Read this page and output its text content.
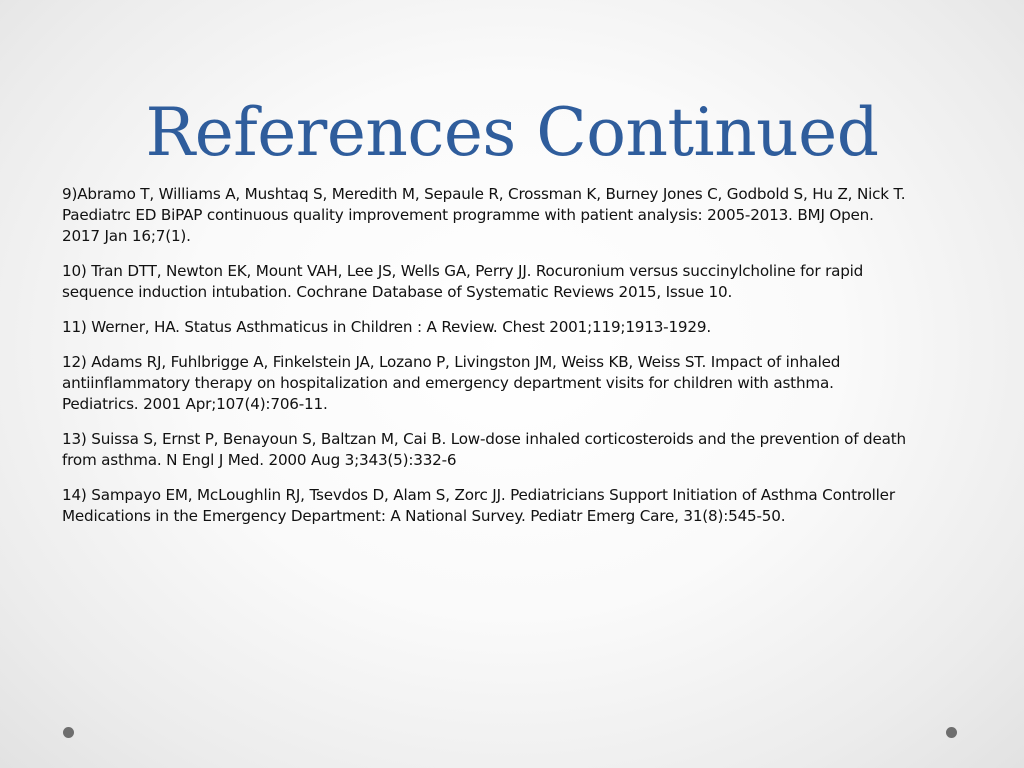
References Continued
9)Abramo T, Williams A, Mushtaq S, Meredith M, Sepaule R, Crossman K, Burney Jones C, Godbold S, Hu Z, Nick T.
Paediatrc ED BiPAP continuous quality improvement programme with patient analysis: 2005-2013. BMJ Open.
2017 Jan 16;7(1).
10) Tran DTT, Newton EK, Mount VAH, Lee JS, Wells GA, Perry JJ. Rocuronium versus succinylcholine for rapid
sequence induction intubation. Cochrane Database of Systematic Reviews 2015, Issue 10.
11) Werner, HA. Status Asthmaticus in Children : A Review. Chest 2001;119;1913-1929.
12) Adams RJ, Fuhlbrigge A, Finkelstein JA, Lozano P, Livingston JM, Weiss KB, Weiss ST. Impact of inhaled
antiinflammatory therapy on hospitalization and emergency department visits for children with asthma.
Pediatrics. 2001 Apr;107(4):706-11.
13) Suissa S, Ernst P, Benayoun S, Baltzan M, Cai B. Low-dose inhaled corticosteroids and the prevention of death
from asthma. N Engl J Med. 2000 Aug 3;343(5):332-6
14) Sampayo EM, McLoughlin RJ, Tsevdos D, Alam S, Zorc JJ. Pediatricians Support Initiation of Asthma Controller
Medications in the Emergency Department: A National Survey. Pediatr Emerg Care, 31(8):545-50.
